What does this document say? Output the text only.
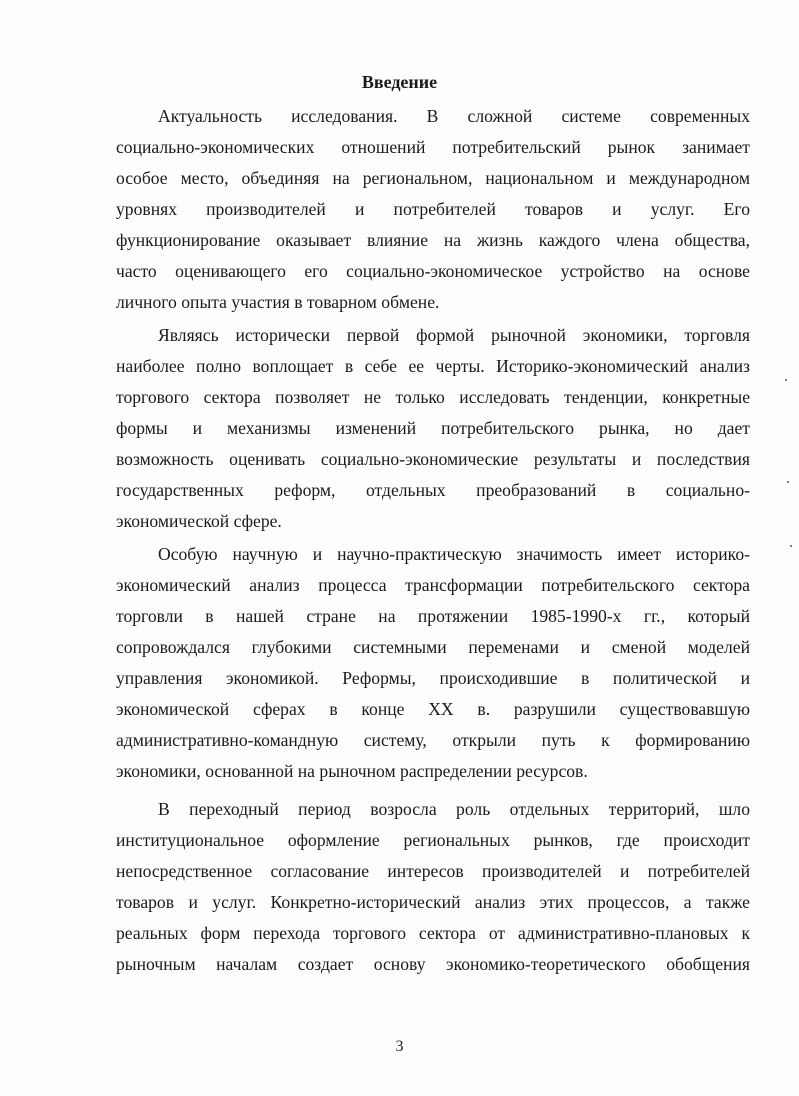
Введение
Актуальность исследования. В сложной системе современных
социально-экономических отношений потребительский рынок занимает
особое место, объединяя на региональном, национальном и международном
уровнях производителей и потребителей товаров и услуг. Его
функционирование оказывает влияние на жизнь каждого члена общества,
часто оценивающего его социально-экономическое устройство на основе
личного опыта участия в товарном обмене.
Являясь исторически первой формой рыночной экономики, торговля
наиболее полно воплощает в себе ее черты. Историко-экономический анализ
торгового сектора позволяет не только исследовать тенденции, конкретные
формы и механизмы изменений потребительского рынка, но дает
возможность оценивать социально-экономические результаты и последствия
государственных реформ, отдельных преобразований в социально-
экономической сфере.
Особую научную и научно-практическую значимость имеет историко-
экономический анализ процесса трансформации потребительского сектора
торговли в нашей стране на протяжении 1985-1990-х гг., который
сопровождался глубокими системными переменами и сменой моделей
управления экономикой. Реформы, происходившие в политической и
экономической сферах в конце XX в. разрушили существовавшую
административно-командную систему, открыли путь к формированию
экономики, основанной на рыночном распределении ресурсов.
В переходный период возросла роль отдельных территорий, шло
институциональное оформление региональных рынков, где происходит
непосредственное согласование интересов производителей и потребителей
товаров и услуг. Конкретно-исторический анализ этих процессов, а также
реальных форм перехода торгового сектора от административно-плановых к
рыночным началам создает основу экономико-теоретического обобщения
3
